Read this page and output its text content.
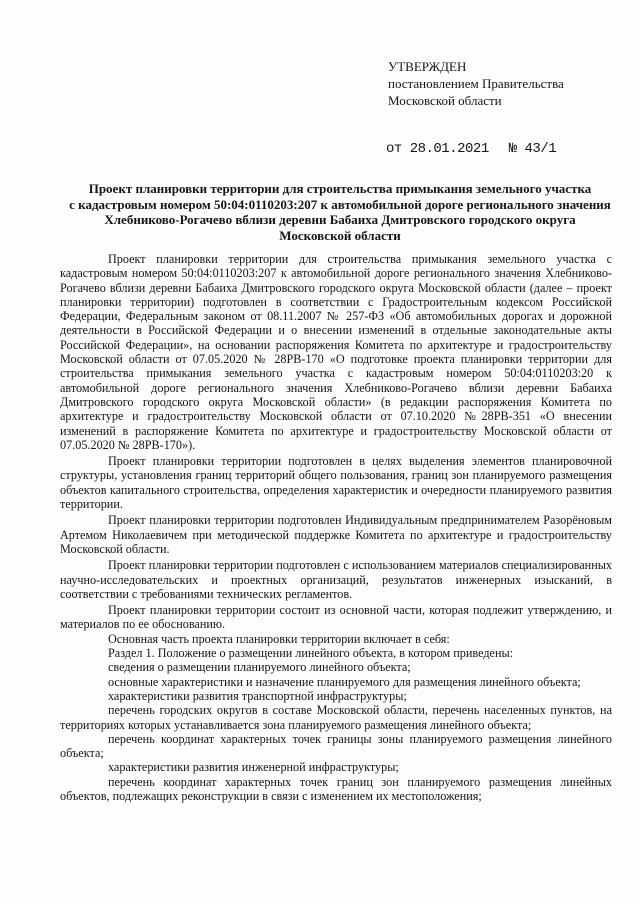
УТВЕРЖДЕН
постановлением Правительства
Московской области
от 28.01.2021 № 43/1
Проект планировки территории для строительства примыкания земельного участка
с кадастровым номером 50:04:0110203:207 к автомобильной дороге регионального значения
Хлебниково-Рогачево вблизи деревни Бабаиха Дмитровского городского округа
Московской области

Проект планировки территории для строительства примыкания земельного участка с кадастровым номером 50:04:0110203:207 к автомобильной дороге регионального значения Хлебниково-Рогачево вблизи деревни Бабаиха Дмитровского городского округа Московской области (далее – проект планировки территории) подготовлен в соответствии с Градостроительным кодексом Российской Федерации, Федеральным законом от 08.11.2007 № 257-ФЗ «Об автомобильных дорогах и дорожной деятельности в Российской Федерации и о внесении изменений в отдельные законодательные акты Российской Федерации», на основании распоряжения Комитета по архитектуре и градостроительству Московской области от 07.05.2020 № 28РВ-170 «О подготовке проекта планировки территории для строительства примыкания земельного участка с кадастровым номером 50:04:0110203:20 к автомобильной дороге регионального значения Хлебниково-Рогачево вблизи деревни Бабаиха Дмитровского городского округа Московской области» (в редакции распоряжения Комитета по архитектуре и градостроительству Московской области от 07.10.2020 №28РВ-351 «О внесении изменений в распоряжение Комитета по архитектуре и градостроительству Московской области от 07.05.2020 № 28РВ-170»).

Проект планировки территории подготовлен в целях выделения элементов планировочной структуры, установления границ территорий общего пользования, границ зон планируемого размещения объектов капитального строительства, определения характеристик и очередности планируемого развития территории.

Проект планировки территории подготовлен Индивидуальным предпринимателем Разорёновым Артемом Николаевичем при методической поддержке Комитета по архитектуре и градостроительству Московской области.

Проект планировки территории подготовлен с использованием материалов специализированных научно-исследовательских и проектных организаций, результатов инженерных изысканий, в соответствии с требованиями технических регламентов.

Проект планировки территории состоит из основной части, которая подлежит утверждению, и материалов по ее обоснованию.

Основная часть проекта планировки территории включает в себя:

Раздел 1. Положение о размещении линейного объекта, в котором приведены:

сведения о размещении планируемого линейного объекта;

основные характеристики и назначение планируемого для размещения линейного объекта;

характеристики развития транспортной инфраструктуры;

перечень городских округов в составе Московской области, перечень населенных пунктов, на территориях которых устанавливается зона планируемого размещения линейного объекта;

перечень координат характерных точек границы зоны планируемого размещения линейного объекта;

характеристики развития инженерной инфраструктуры;

перечень координат характерных точек границ зон планируемого размещения линейных объектов, подлежащих реконструкции в связи с изменением их местоположения;
